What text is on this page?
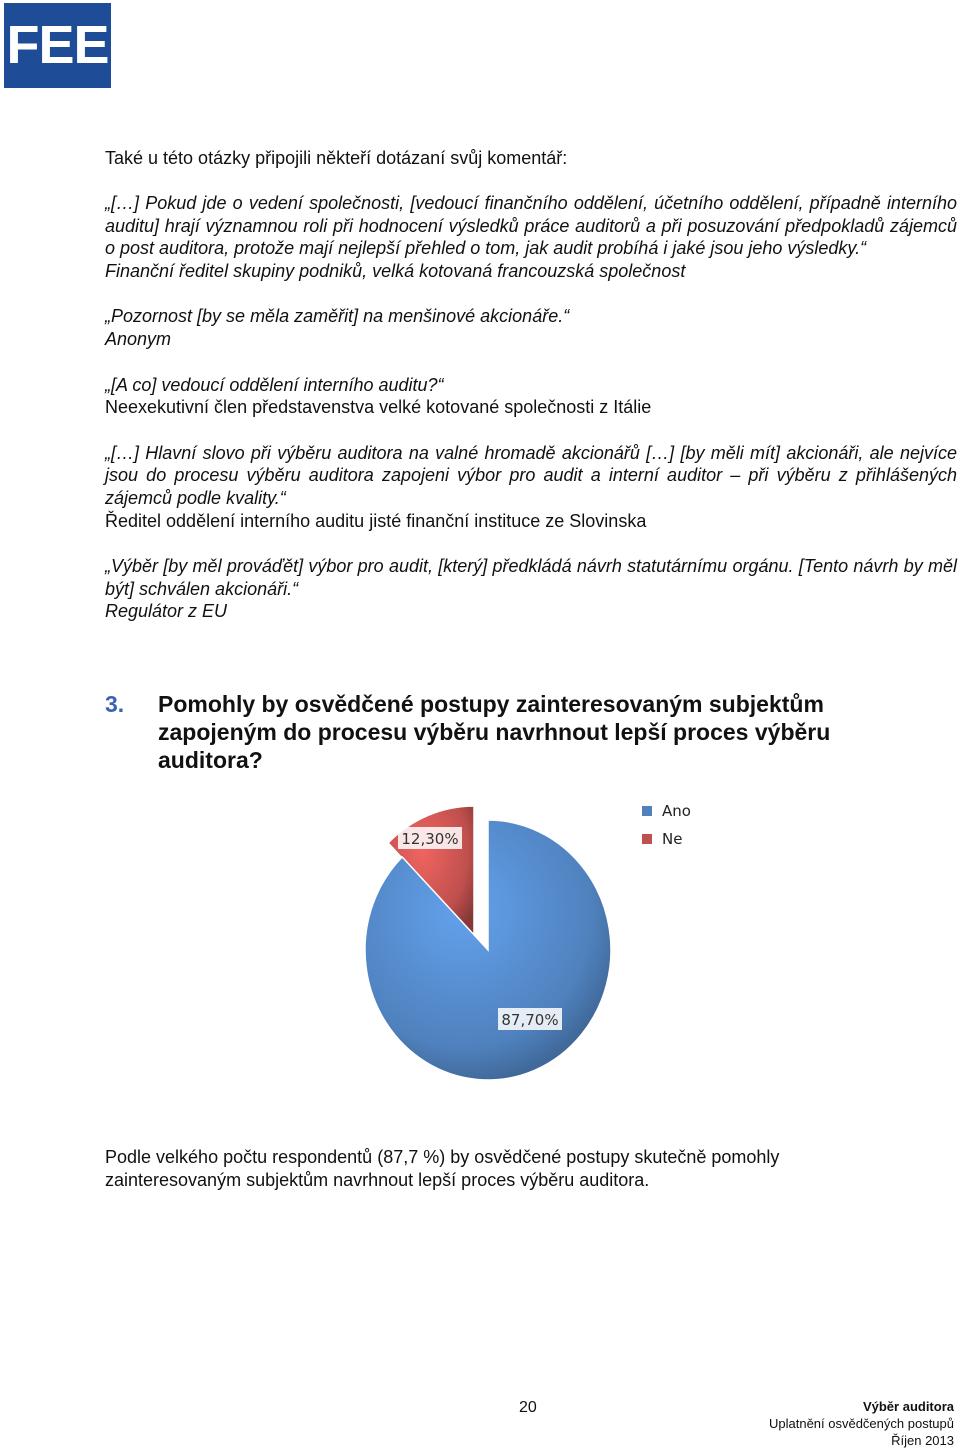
FEE

Také u této otázky připojili někteří dotázaní svůj komentář:

„[…] Pokud jde o vedení společnosti, [vedoucí finančního oddělení, účetního oddělení, případně interního auditu] hrají významnou roli při hodnocení výsledků práce auditorů a při posuzování předpokladů zájemců o post auditora, protože mají nejlepší přehled o tom, jak audit probíhá i jaké jsou jeho výsledky.“

Finanční ředitel skupiny podniků, velká kotovaná francouzská společnost

„Pozornost [by se měla zaměřit] na menšinové akcionáře.“

Anonym

„[A co] vedoucí oddělení interního auditu?“

Neexekutivní člen představenstva velké kotované společnosti z Itálie

„[…] Hlavní slovo při výběru auditora na valné hromadě akcionářů […] [by měli mít] akcionáři, ale nejvíce jsou do procesu výběru auditora zapojeni výbor pro audit a interní auditor – při výběru z přihlášených zájemců podle kvality.“

Ředitel oddělení interního auditu jisté finanční instituce ze Slovinska

„Výběr [by měl prováďět] výbor pro audit, [který] předkládá návrh statutárnímu orgánu. [Tento návrh by měl být] schválen akcionáři.“

Regulátor z EU

3. Pomohly by osvědčené postupy zainteresovaným subjektům zapojeným do procesu výběru navrhnout lepší proces výběru auditora?
87,70%
12,30%
Ano
Ne

Podle velkého počtu respondentů (87,7 %) by osvědčené postupy skutečně pomohly zainteresovaným subjektům navrhnout lepší proces výběru auditora.

20	Výběr auditora
Uplatnění osvědčených postupů
Říjen 2013
